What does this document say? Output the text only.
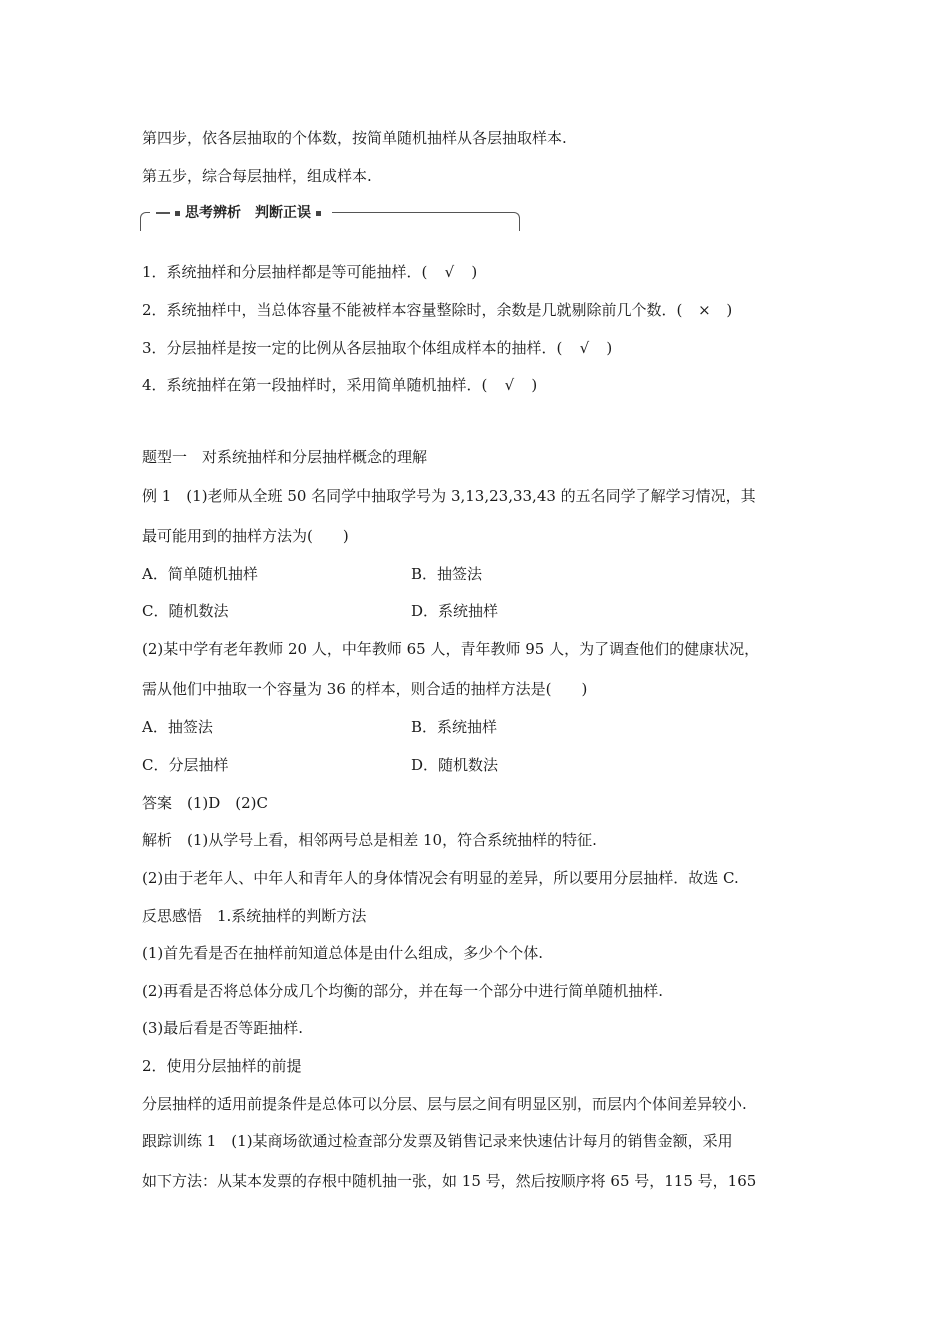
第四步，依各层抽取的个体数，按简单随机抽样从各层抽取样本.
第五步，综合每层抽样，组成样本.
思考辨析　判断正误
1．系统抽样和分层抽样都是等可能抽样．( √ )
2．系统抽样中，当总体容量不能被样本容量整除时，余数是几就剔除前几个数．( × )
3．分层抽样是按一定的比例从各层抽取个体组成样本的抽样．( √ )
4．系统抽样在第一段抽样时，采用简单随机抽样．( √ )
题型一　对系统抽样和分层抽样概念的理解
例 1　(1)老师从全班 50 名同学中抽取学号为 3,13,23,33,43 的五名同学了解学习情况，其
最可能用到的抽样方法为(　　)
A．简单随机抽样	B．抽签法
C．随机数法	D．系统抽样
(2)某中学有老年教师 20 人，中年教师 65 人，青年教师 95 人，为了调查他们的健康状况，
需从他们中抽取一个容量为 36 的样本，则合适的抽样方法是(　　)
A．抽签法	B．系统抽样
C．分层抽样	D．随机数法
答案　(1)D　(2)C
解析　(1)从学号上看，相邻两号总是相差 10，符合系统抽样的特征.
(2)由于老年人、中年人和青年人的身体情况会有明显的差异，所以要用分层抽样．故选 C.
反思感悟　1.系统抽样的判断方法
(1)首先看是否在抽样前知道总体是由什么组成，多少个个体.
(2)再看是否将总体分成几个均衡的部分，并在每一个部分中进行简单随机抽样.
(3)最后看是否等距抽样.
2．使用分层抽样的前提
分层抽样的适用前提条件是总体可以分层、层与层之间有明显区别，而层内个体间差异较小.
跟踪训练 1　(1)某商场欲通过检查部分发票及销售记录来快速估计每月的销售金额，采用
如下方法：从某本发票的存根中随机抽一张，如 15 号，然后按顺序将 65 号，115 号，165
